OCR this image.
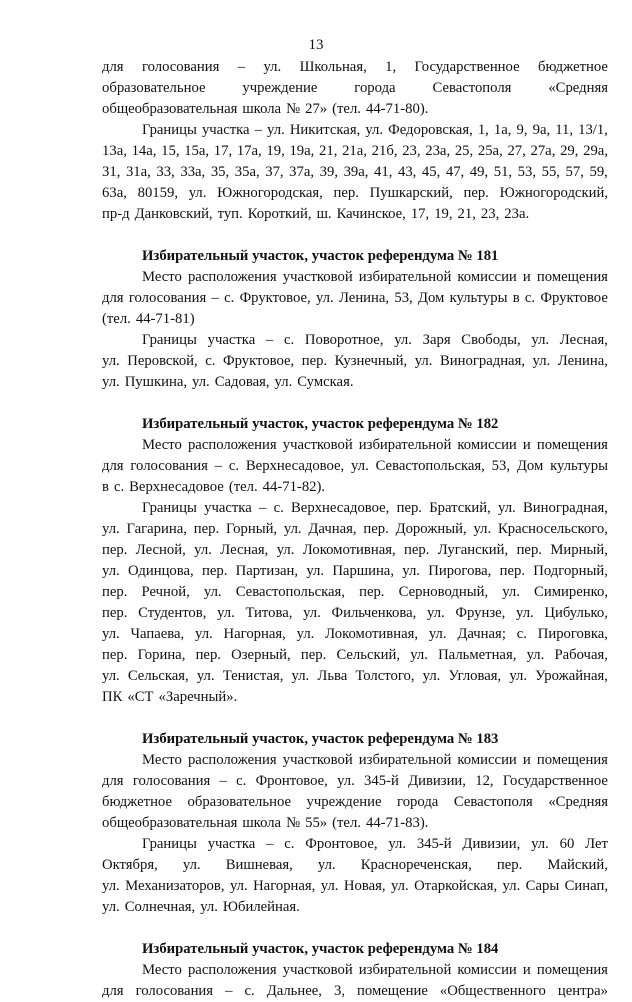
13
для голосования – ул. Школьная, 1, Государственное бюджетное
образовательное	учреждение	города	Севастополя	«Средняя
общеобразовательная школа № 27» (тел. 44-71-80).
Границы участка – ул. Никитская, ул. Федоровская, 1, 1а, 9, 9а, 11, 13/1,
13а, 14а, 15, 15а, 17, 17а, 19, 19а, 21, 21а, 21б, 23, 23а, 25, 25а, 27, 27а, 29, 29а,
31, 31а, 33, 33а, 35, 35а, 37, 37а, 39, 39а, 41, 43, 45, 47, 49, 51, 53, 55, 57, 59,
63а, 80159, ул. Южногородская, пер. Пушкарский, пер. Южногородский,
пр-д Данковский, туп. Короткий, ш. Качинское, 17, 19, 21, 23, 23а.
Избирательный участок, участок референдума № 181
Место расположения участковой избирательной комиссии и помещения
для голосования – с. Фруктовое, ул. Ленина, 53, Дом культуры в с. Фруктовое
(тел. 44-71-81)
Границы участка – с. Поворотное, ул. Заря Свободы, ул. Лесная,
ул. Перовской, с. Фруктовое, пер. Кузнечный, ул. Виноградная, ул. Ленина,
ул. Пушкина, ул. Садовая, ул. Сумская.
Избирательный участок, участок референдума № 182
Место расположения участковой избирательной комиссии и помещения
для голосования – с. Верхнесадовое, ул. Севастопольская, 53, Дом культуры
в с. Верхнесадовое (тел. 44-71-82).
Границы участка – с. Верхнесадовое, пер. Братский, ул. Виноградная,
ул. Гагарина, пер. Горный, ул. Дачная, пер. Дорожный, ул. Красносельского,
пер. Лесной, ул. Лесная, ул. Локомотивная, пер. Луганский, пер. Мирный,
ул. Одинцова, пер. Партизан, ул. Паршина, ул. Пирогова, пер. Подгорный,
пер. Речной, ул. Севастопольская, пер. Серноводный, ул. Симиренко,
пер. Студентов, ул. Титова, ул. Фильченкова, ул. Фрунзе, ул. Цибулько,
ул. Чапаева, ул. Нагорная, ул. Локомотивная, ул. Дачная; с. Пироговка,
пер. Горина, пер. Озерный, пер. Сельский, ул. Пальметная, ул. Рабочая,
ул. Сельская, ул. Тенистая, ул. Льва Толстого, ул. Угловая, ул. Урожайная,
ПК «СТ «Заречный».
Избирательный участок, участок референдума № 183
Место расположения участковой избирательной комиссии и помещения
для голосования – с. Фронтовое, ул. 345-й Дивизии, 12, Государственное
бюджетное образовательное учреждение города Севастополя «Средняя
общеобразовательная школа № 55» (тел. 44-71-83).
Границы участка – с. Фронтовое, ул. 345-й Дивизии, ул. 60 Лет
Октября, ул. Вишневая, ул. Краснореченская, пер. Майский,
ул. Механизаторов, ул. Нагорная, ул. Новая, ул. Отаркойская, ул. Сары Синап,
ул. Солнечная, ул. Юбилейная.
Избирательный участок, участок референдума № 184
Место расположения участковой избирательной комиссии и помещения
для голосования – с. Дальнее, 3, помещение «Общественного центра»
